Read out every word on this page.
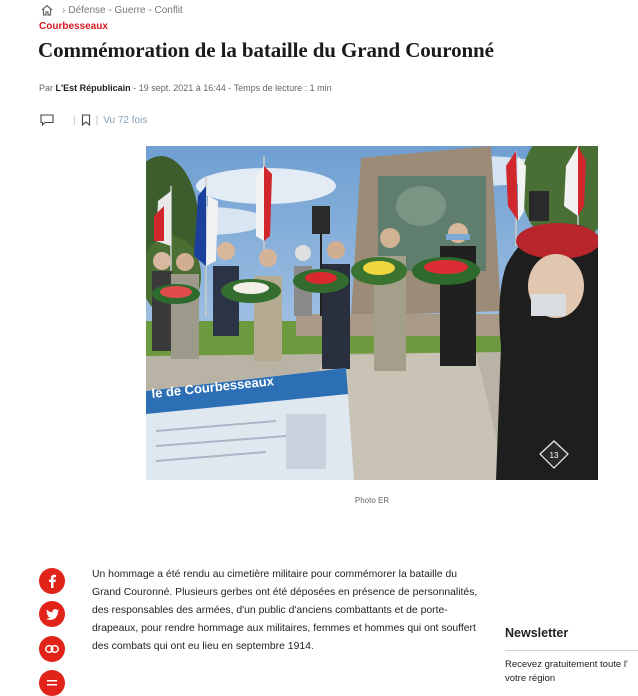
› Défense - Guerre - Conflit
Courbesseaux
Commémoration de la bataille du Grand Couronné
Par L'Est Républicain - 19 sept. 2021 à 16:44 - Temps de lecture : 1 min
| | Vu 72 fois
13
le de Courbesseaux
Photo ER

Un hommage a été rendu au cimetière militaire pour commémorer la bataille du Grand Couronné. Plusieurs gerbes ont été déposées en présence de personnalités, des responsables des armées, d'un public d'anciens combattants et de porte-drapeaux, pour rendre hommage aux militaires, femmes et hommes qui ont souffert des combats qui ont eu lieu en septembre 1914.

Newsletter
Recevez gratuitement toute l'
votre région
